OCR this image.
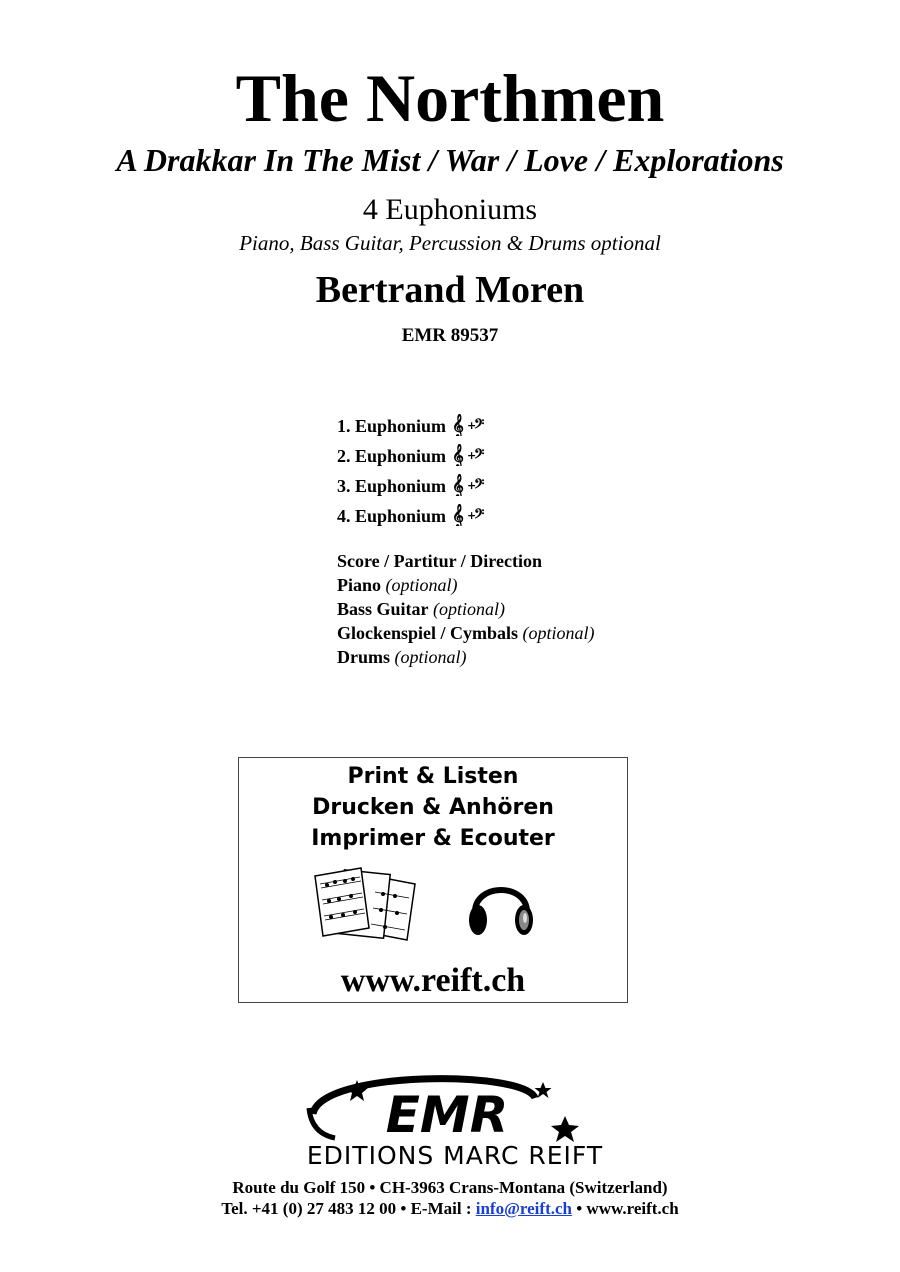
The Northmen
A Drakkar In The Mist / War / Love / Explorations
4 Euphoniums
Piano, Bass Guitar, Percussion & Drums optional
Bertrand Moren
EMR 89537
1. Euphonium 𝄞 +
𝄢
2. Euphonium 𝄞 +
𝄢
3. Euphonium 𝄞 +
𝄢
4. Euphonium 𝄞 +
𝄢
Score / Partitur / Direction
Piano (optional)
Bass Guitar (optional)
Glockenspiel / Cymbals (optional)
Drums (optional)
Print & Listen
Drucken & Anhören
Imprimer & Ecouter
www.reift.ch
EMR
EDITIONS MARC REIFT
Route du Golf 150 • CH-3963 Crans-Montana (Switzerland)
Tel. +41 (0) 27 483 12 00 • E-Mail : info@reift.ch • www.reift.ch
